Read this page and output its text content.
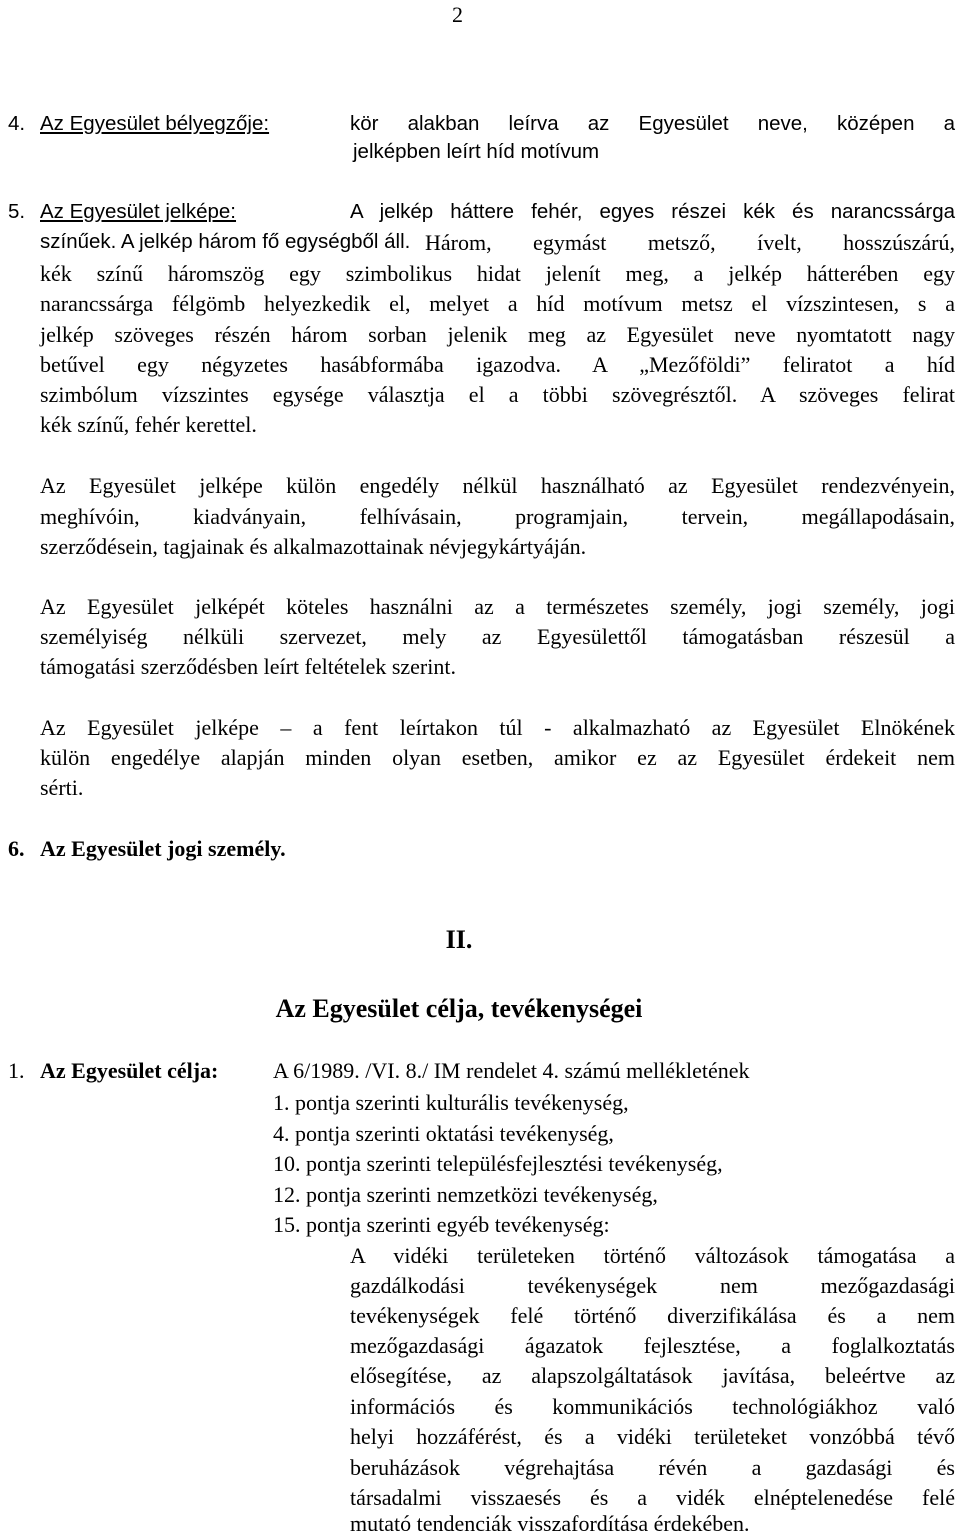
2
4. Az Egyesület bélyegzője:	kör alakban leírva az Egyesület neve, középen a
jelképben leírt híd motívum
5. Az Egyesület jelképe:	A jelkép háttere fehér, egyes részei kék és narancssárga
színűek. A jelkép három fő egységből áll. Három, egymást metsző, ívelt, hosszúszárú,
kék színű háromszög egy szimbolikus hidat jelenít meg, a jelkép hátterében egy
narancssárga félgömb helyezkedik el, melyet a híd motívum metsz el vízszintesen, s a
jelkép szöveges részén három sorban jelenik meg az Egyesület neve nyomtatott nagy
betűvel egy négyzetes hasábformába igazodva. A „Mezőföldi” feliratot a híd
szimbólum vízszintes egysége választja el a többi szövegrésztől. A szöveges felirat
kék színű, fehér kerettel.
Az Egyesület jelképe külön engedély nélkül használható az Egyesület rendezvényein,
meghívóin, kiadványain, felhívásain, programjain, tervein, megállapodásain,
szerződésein, tagjainak és alkalmazottainak névjegykártyáján.
Az Egyesület jelképét köteles használni az a természetes személy, jogi személy, jogi
személyiség nélküli szervezet, mely az Egyesülettől támogatásban részesül a
támogatási szerződésben leírt feltételek szerint.
Az Egyesület jelképe – a fent leírtakon túl - alkalmazható az Egyesület Elnökének
külön engedélye alapján minden olyan esetben, amikor ez az Egyesület érdekeit nem
sérti.
6. Az Egyesület jogi személy.
II.
Az Egyesület célja, tevékenységei
1. Az Egyesület célja: A 6/1989. /VI. 8./ IM rendelet 4. számú mellékletének
1. pontja szerinti kulturális tevékenység,
4. pontja szerinti oktatási tevékenység,
10. pontja szerinti településfejlesztési tevékenység,
12. pontja szerinti nemzetközi tevékenység,
15. pontja szerinti egyéb tevékenység:
A vidéki területeken történő változások támogatása a
gazdálkodási tevékenységek nem mezőgazdasági
tevékenységek felé történő diverzifikálása és a nem
mezőgazdasági ágazatok fejlesztése, a foglalkoztatás
elősegítése, az alapszolgáltatások javítása, beleértve az
információs és kommunikációs technológiákhoz való
helyi hozzáférést, és a vidéki területeket vonzóbbá tévő
beruházások végrehajtása révén a gazdasági és
társadalmi visszaesés és a vidék elnéptelenedése felé
mutató tendenciák visszafordítása érdekében.
